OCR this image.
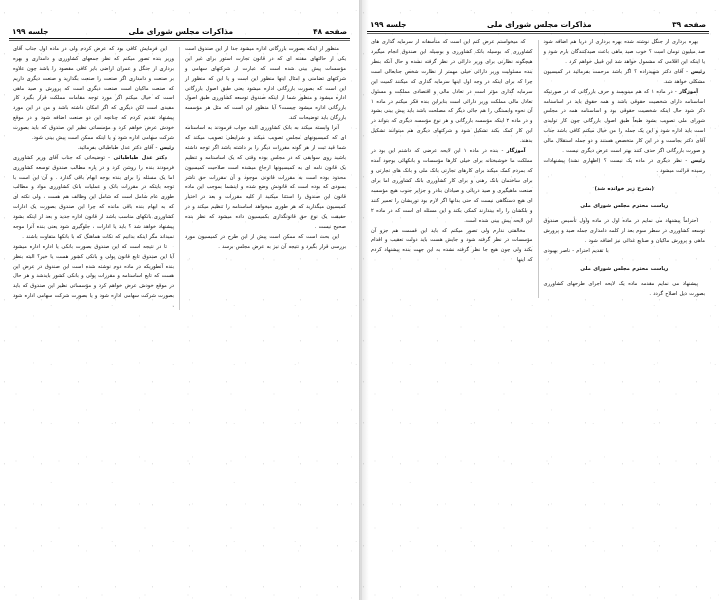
صفحه ۴۸
مذاکرات مجلس شورای ملی
جلسه ۱۹۹

این فرمایش کافی بود که عرض کردم ولی در ماده اول جناب آقای وزیر بنده تصور میکنم که نظر جمعهای کشاورزی و دامداری و بهره برداری از جنگل و عمران اراضی بایر کافی مقصود را باشد چون علاوه بر صنعت و دامداری اگر صنعت را صنعت بگذارید و صنعت دیگری داریم که صنعت ماکیان است صنعت دیگری است که پرورش و صید ماهی است که خیال میکنم اگر مورد توجه مقامات مملکت قرار بگیرد کار مفیدی است لکن دیگری که اگر امکان داشته باشد و من در این مورد پیشنهاد تقدیم کردم که چنانچه این دو صنعت اضافه شود و در موقع خودش عرض خواهم کرد و مؤسساتی نظیر این صندوق که باید بصورت شرکت سهامی اداره شود و یا اینکه ممکن است پیش بینی شود.

رئیس - آقای دکتر عدل طباطبائی بفرمائید.

دکتر عدل طباطبائی - توضیحاتی که جناب آقای وزیر کشاورزی فرمودند بنده را روشن کرد و در پاره مطالب صندوق توسعه کشاورزی اما یک مسئله را برای بنده بوجه ابهام باقی گذارد . و آن این است با توجه بایتکه در مقررات بانک و عملیات بانک کشاورزی مواد و مطالب طوری عام شامل است که شامل این وظائف هم هست ، ولی نکته ای که به ابهام بنده باقی مانده که چرا این صندوق بصورت یک ادارات کشاورزی بانکهای مناسب باشد از قانون اداره جدید و بعد از اینکه بشود پیشنهاد خواهد شد ؟ باید یا ادارات ، جلوگیری شود یعنی بنده آنرا موجه نمیداند مگر اینکه بدانیم که نکات هماهنگ که با بانکها متفاوت باشند .

تا در نتیجه است که این صندوق بصورت بانکی یا اداره اداره میشود آیا این صندوق تابع قانون پولی و بانکی کشور هست یا خیر؟ البته بنظر بنده آنطوریکه در ماده دوم نوشته شده است این صندوق در عرض این هست که تابع اساسنامه و مقررات پولی و بانکی کشور بایدشد و هر حال در موقع خودش عرض خواهم کرد و مؤسساتی نظیر این صندوق که باید بصورت شرکت سهامی اداره شود و یا بصورت شرکت سهامی اداره شود .

منظور از اینکه بصورت بازرگانی اداره میشود جدا از این صندوق است یکی از حالتهای مقننه ای که در قانون تجارت استور برای غیر این مؤسسات پیش بینی شده است که عبارت از شرکتهای سهامی و شرکتهای تضامنی و امثال اینها منظور این است و یا این که منظور از این است که بصورت بازرگانی اداره میشود یعنی طبق اصول بازرگانی اداره میشود و منظور شما از اینکه صندوق توسعه کشاورزی طبق اصول بازرگانی اداره میشود چیست؟ آیا منظور این است که مثل هر مؤسسه بازرگان باید توضیحات کند.

آنرا وابسته میکند به بانک کشاورزی البته جواب فرمودند به اساسنامه ای که کمیسیونهای مجلس تصویب میکند و شرایطی تصویب میکند که شما قید ثبت از هر گونه مقررات دیگر را بر داشته باشد اگر توجه داشته باشید روی سوابقی که در مجلس بوده وقتی که یک اساسنامه و تنظیم یک قانون نامه ای به کمیسیونها ارجاع میشده است صلاحیت کمیسیون محدود بوده است به مقررات قانونی موجود و آن مقررات حق ناشر بسودی که بوده است که قانونش وضع شده و اینشما بموجب این ماده قانون این صندوق را استثنا میکنید از کلیه مقررات و بعد در اختیار کمیسیون میگذارید که هر طوری میخواهد اساسنامه را تنظیم میکند و در حقیقت یک نوع حق قانونگذاری بکمیسیون داده میشود که نظر بنده صحیح نیست .

این بحث است که ممکن است پیش از این طرح در کمیسیون مورد بررسی قرار بگیرد و نتیجه آن نیز به عرض مجلس برسد .

صفحه ۳۹
مذاکرات مجلس شورای ملی
جلسه ۱۹۹

که میخواستم عرض کنم این است که متأسفانه از سرمایه گذاری های کشاورزی که بوسیله بانک کشاورزی و بوسیله این صندوق انجام میگیرد هیچگونه نظارتی برای وزیر دارائی در نظر گرفته نشده و حال آنکه بنظر بنده مسئولیت وزیر دارائی خیلی مهمتر از نظارت شخص جنابعالی است چرا که برای اینکه در وجه اول اینها سرمایه گذاری که میکنند کمیت این سرمایه گذاری مؤثر است در تعادل مالی و اقتصادی مملکت و مسئول تعادل مالی مملکت وزیر دارائی است بنابراین بنده فکر میکنم در ماده ۱ آن نحوه وابستگی را هم جائی دیگر که مصلحت باشد باید پیش بینی بشود و در ماده ۲ اینکه مؤسسه بازرگانی و هر نوع مؤسسه دیگری که بتواند در این کار کمک بکند تشکیل شود و شرکتهای دیگری هم میتوانند تشکیل بدهند.

آموزگار - بنده در ماده ۱ این لایحه عرضی که داشتم این بود در مملکت ما خوشبختانه برای خیلی کارها مؤسسات و بانکهائی بوجود آمده که بمردم کمک میکند برای کارهای تجارتی بانک ملی و بانک های تجارتی و برای ساختمان بانک رهنی و برای کار کشاورزی بانک کشاورزی اما برای صنعت ماهیگیری و صید دریائی و صیادان بنادر و جزایر جنوب هیچ مؤسسه ای هیچ دستگاهی نیست که حتی بدانها اگر لازم بود توریشان را تعمیر کنند و بلکشان را راه بیندازند کمکی بکند و این مسئله ای است که در ماده ۲ این لایحه پیش بینی شده است.

مخالفتی ندارم ولی تصور میکنم که باید این قسمت هم جزو آن مؤسسات در نظر گرفته شود و جایش هست باید دولت تعقیب و اقدام بکند ولی چون هیچ جا نظر گرفته نشده به این جهت بنده پیشنهاد کردم که اینها

بهره برداری از جنگل نوشته شده بهره برداری از دریا هم اضافه شود صد میلیون تومان است ؟ خوب صید ماهی باعث صیدکنندگان بارم شود و یا اینکه این اقلامی که مشمول خواهد شد این قبیل خواهم کرد .

رئیس - آقای دکتر شهیدزاده ؟ اگر باشد مرحمت بفرمائید در کمیسیون مشکلی خواهد شد.

آموزگار - در ماده ۱ که هم مینویسد و حرف بازرگانی که در صورتیکه اساسنامه دارای شخصیت حقوقی باشد و همه حقوق باید در اساسنامه ذکر شود حال اینکه شخصیت حقوقی بود و اساسنامه همه در مجلس شورای ملی تصویب بشود طبعاً طبق اصول بازرگانی چون کار تولیدی است باید اداره شود و این یک جمله را من خیال میکنم کافی باشد جناب آقای دکتر بجاست و در این کار متخصص هستند و دو جمله استقلال مالی و صورت بازرگانی اگر حذف کنند بهتر است عرض دیگری نیست .

رئیس - نظر دیگری در ماده یک نیست ؟ (اظهاری نشد) پیشنهادات رسیده قرائت میشود .

(بشرح زیر خوانده شد)
ریاست محترم مجلس شورای ملی

احتراماً پیشنهاد می نمایم در ماده اول در ماده واول تأسیس صندوق توسعه کشاورزی در سطر سوم بعد از کلمه دامداری جمله صید و پرورش ماهی و پرورش ماکیان و صنایع غذائی نیز اضافه شود .

با تقدیم احترام - ناصر بهبودی

ریاست محترم مجلس شورای ملی

پیشنهاد می نمایم مقدمه ماده یک لایحه اجرای طرحهای کشاورزی بصورت ذیل اصلاح گردد .
